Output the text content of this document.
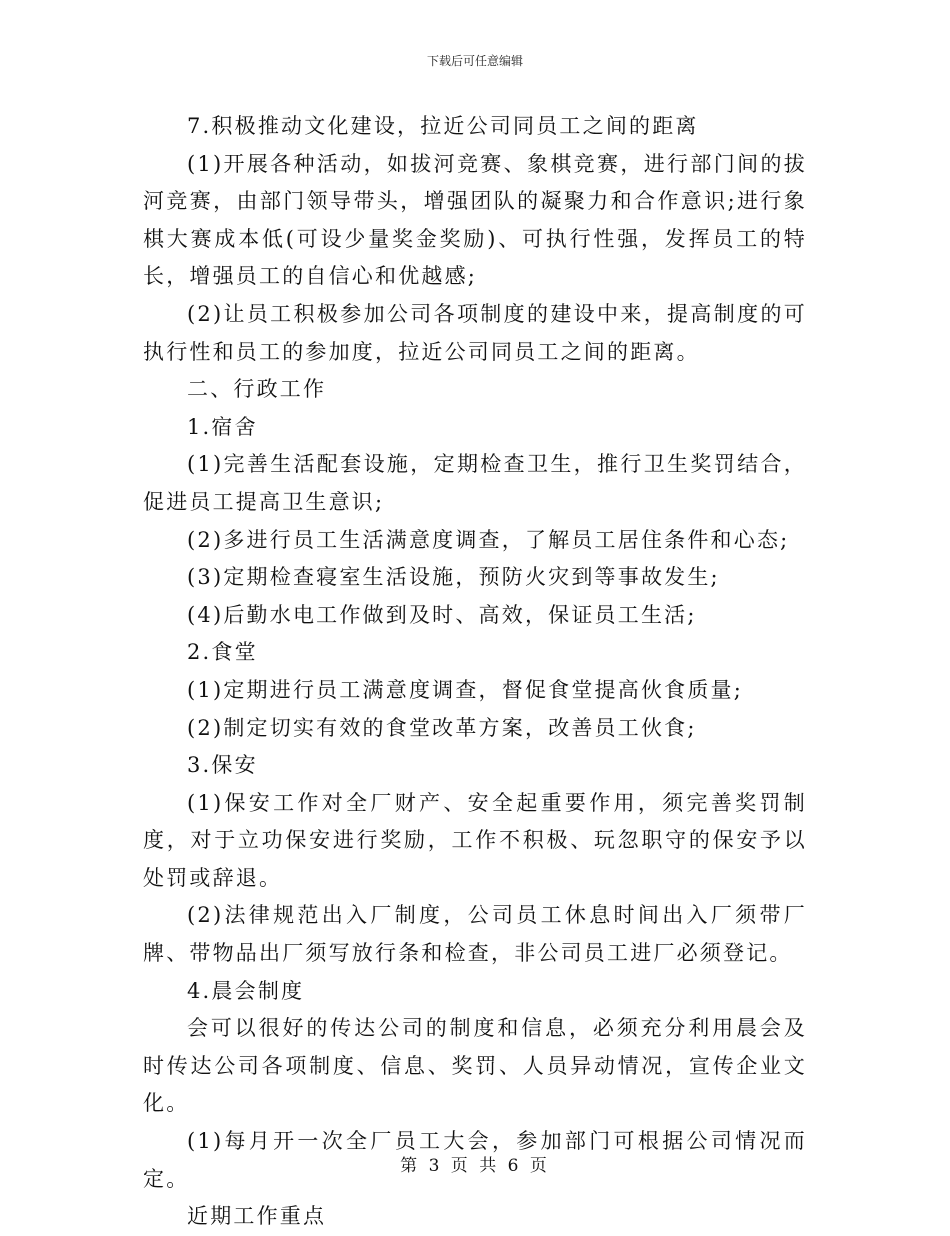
下载后可任意编辑

7.积极推动文化建设，拉近公司同员工之间的距离

(1)开展各种活动，如拔河竞赛、象棋竞赛，进行部门间的拔河竞赛，由部门领导带头，增强团队的凝聚力和合作意识;进行象棋大赛成本低(可设少量奖金奖励)、可执行性强，发挥员工的特长，增强员工的自信心和优越感;

(2)让员工积极参加公司各项制度的建设中来，提高制度的可执行性和员工的参加度，拉近公司同员工之间的距离。

二、行政工作

1.宿舍

(1)完善生活配套设施，定期检查卫生，推行卫生奖罚结合，促进员工提高卫生意识;

(2)多进行员工生活满意度调查，了解员工居住条件和心态;

(3)定期检查寝室生活设施，预防火灾到等事故发生;

(4)后勤水电工作做到及时、高效，保证员工生活;

2.食堂

(1)定期进行员工满意度调查，督促食堂提高伙食质量;

(2)制定切实有效的食堂改革方案，改善员工伙食;

3.保安

(1)保安工作对全厂财产、安全起重要作用，须完善奖罚制度，对于立功保安进行奖励，工作不积极、玩忽职守的保安予以处罚或辞退。

(2)法律规范出入厂制度，公司员工休息时间出入厂须带厂牌、带物品出厂须写放行条和检查，非公司员工进厂必须登记。

4.晨会制度

会可以很好的传达公司的制度和信息，必须充分利用晨会及时传达公司各项制度、信息、奖罚、人员异动情况，宣传企业文化。

(1)每月开一次全厂员工大会，参加部门可根据公司情况而定。

近期工作重点

第 3 页 共 6 页
